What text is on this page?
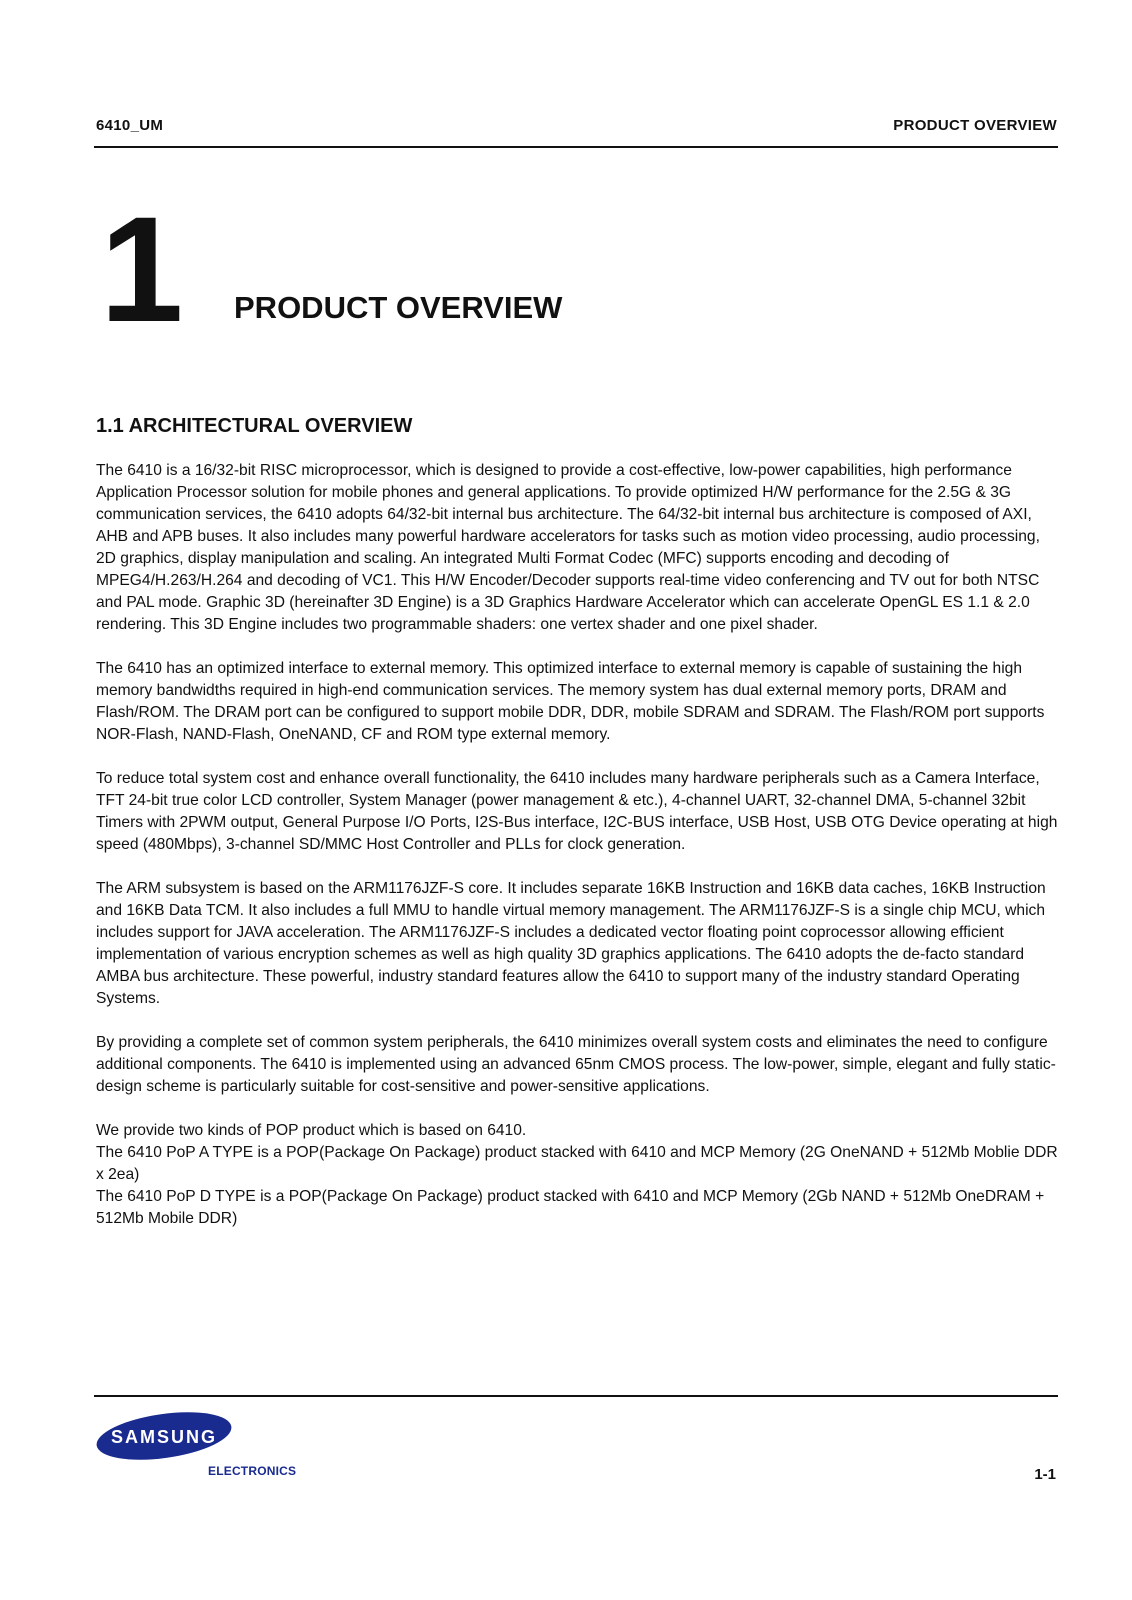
6410_UM	PRODUCT OVERVIEW
1 PRODUCT OVERVIEW
1.1 ARCHITECTURAL OVERVIEW

The 6410 is a 16/32-bit RISC microprocessor, which is designed to provide a cost-effective, low-power capabilities, high performance Application Processor solution for mobile phones and general applications. To provide optimized H/W performance for the 2.5G & 3G communication services, the 6410 adopts 64/32-bit internal bus architecture. The 64/32-bit internal bus architecture is composed of AXI, AHB and APB buses. It also includes many powerful hardware accelerators for tasks such as motion video processing, audio processing, 2D graphics, display manipulation and scaling. An integrated Multi Format Codec (MFC) supports encoding and decoding of MPEG4/H.263/H.264 and decoding of VC1. This H/W Encoder/Decoder supports real-time video conferencing and TV out for both NTSC and PAL mode. Graphic 3D (hereinafter 3D Engine) is a 3D Graphics Hardware Accelerator which can accelerate OpenGL ES 1.1 & 2.0 rendering. This 3D Engine includes two programmable shaders: one vertex shader and one pixel shader.

The 6410 has an optimized interface to external memory. This optimized interface to external memory is capable of sustaining the high memory bandwidths required in high-end communication services. The memory system has dual external memory ports, DRAM and Flash/ROM. The DRAM port can be configured to support mobile DDR, DDR, mobile SDRAM and SDRAM. The Flash/ROM port supports NOR-Flash, NAND-Flash, OneNAND, CF and ROM type external memory.

To reduce total system cost and enhance overall functionality, the 6410 includes many hardware peripherals such as a Camera Interface, TFT 24-bit true color LCD controller, System Manager (power management & etc.), 4-channel UART, 32-channel DMA, 5-channel 32bit Timers with 2PWM output, General Purpose I/O Ports, I2S-Bus interface, I2C-BUS interface, USB Host, USB OTG Device operating at high speed (480Mbps), 3-channel SD/MMC Host Controller and PLLs for clock generation.

The ARM subsystem is based on the ARM1176JZF-S core. It includes separate 16KB Instruction and 16KB data caches, 16KB Instruction and 16KB Data TCM. It also includes a full MMU to handle virtual memory management. The ARM1176JZF-S is a single chip MCU, which includes support for JAVA acceleration. The ARM1176JZF-S includes a dedicated vector floating point coprocessor allowing efficient implementation of various encryption schemes as well as high quality 3D graphics applications. The 6410 adopts the de-facto standard AMBA bus architecture. These powerful, industry standard features allow the 6410 to support many of the industry standard Operating Systems.

By providing a complete set of common system peripherals, the 6410 minimizes overall system costs and eliminates the need to configure additional components. The 6410 is implemented using an advanced 65nm CMOS process. The low-power, simple, elegant and fully static-design scheme is particularly suitable for cost-sensitive and power-sensitive applications.

We provide two kinds of POP product which is based on 6410.

The 6410 PoP A TYPE is a POP(Package On Package) product stacked with 6410 and MCP Memory (2G OneNAND + 512Mb Moblie DDR x 2ea)

The 6410 PoP D TYPE is a POP(Package On Package) product stacked with 6410 and MCP Memory (2Gb NAND + 512Mb OneDRAM + 512Mb Mobile DDR)

SAMSUNG
ELECTRONICS	1-1
